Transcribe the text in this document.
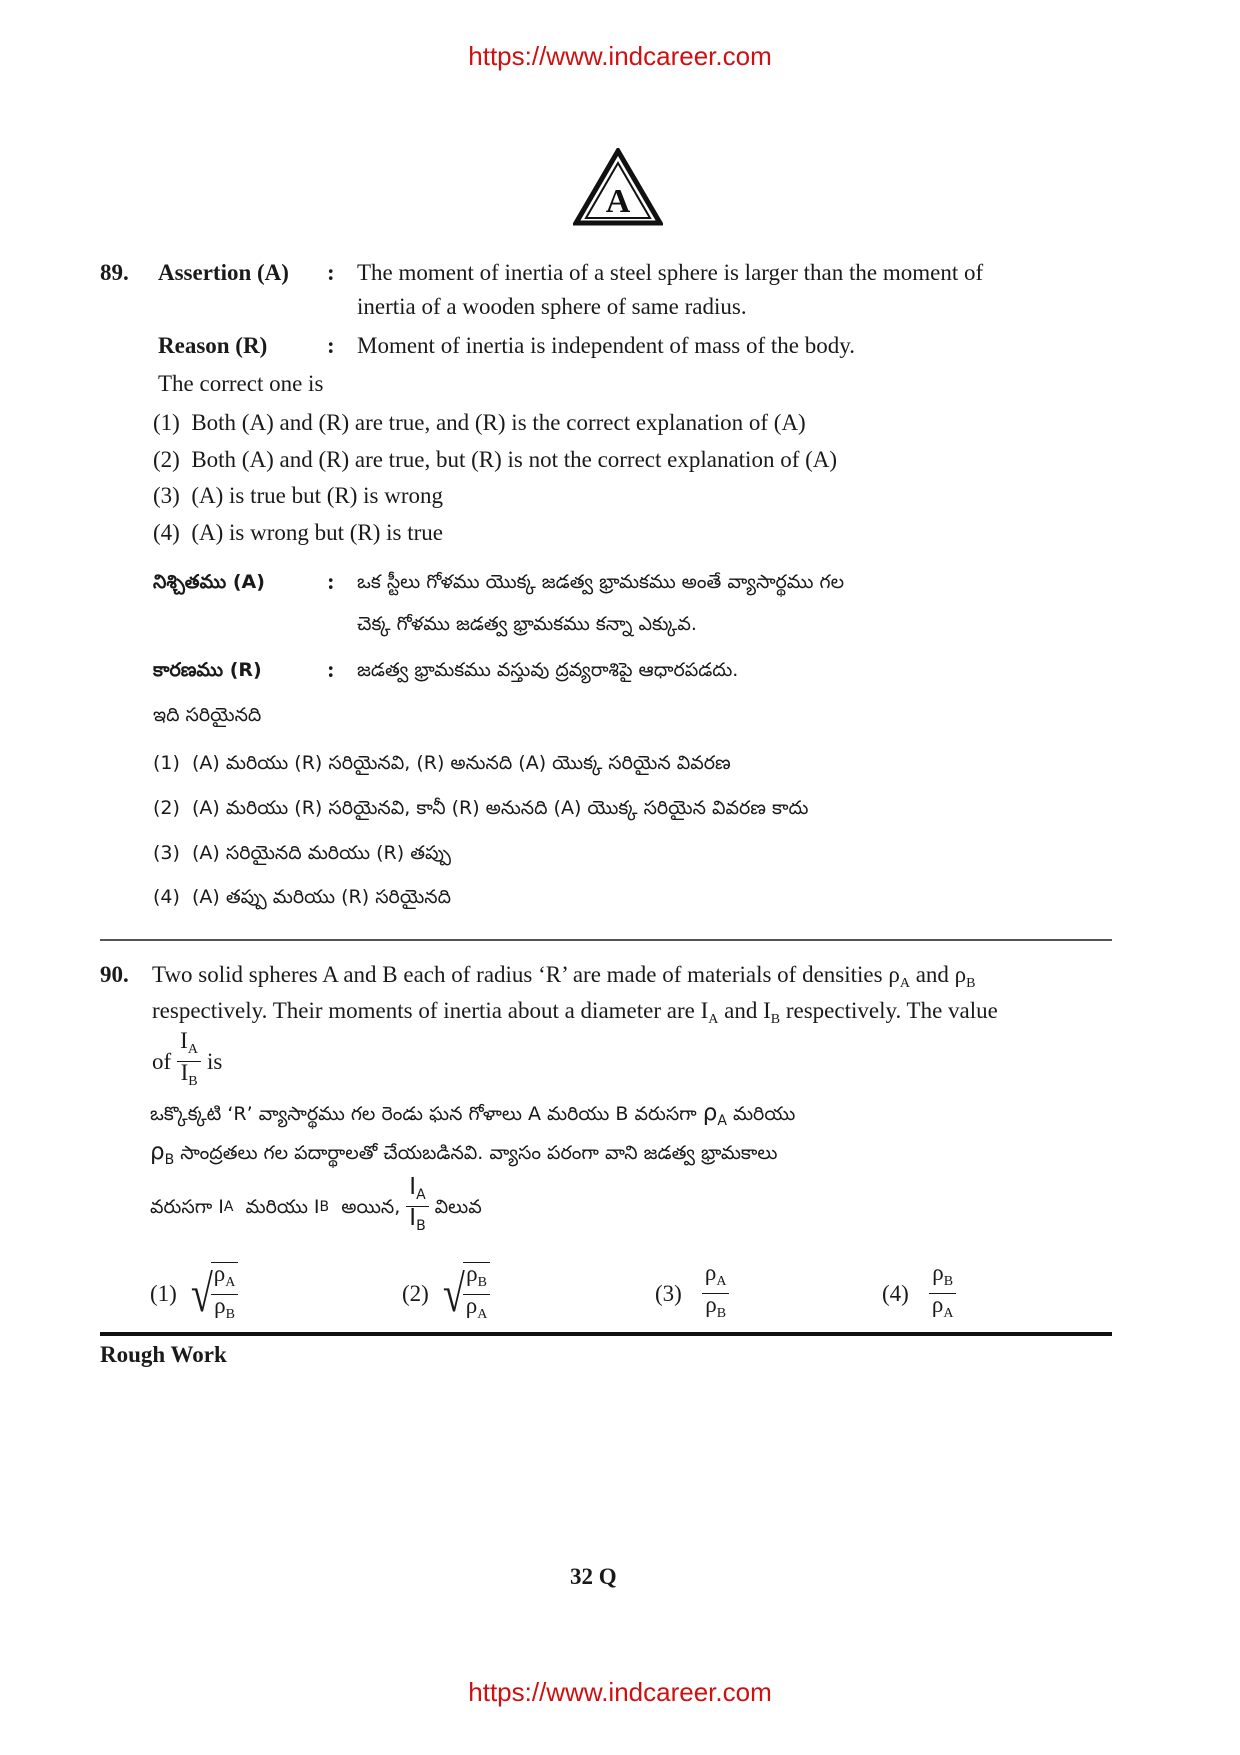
https://www.indcareer.com
A
89. Assertion (A) : The moment of inertia of a steel sphere is larger than the moment of
inertia of a wooden sphere of same radius.
Reason (R)	: Moment of inertia is independent of mass of the body.
The correct one is
(1) Both (A) and (R) are true, and (R) is the correct explanation of (A)
(2) Both (A) and (R) are true, but (R) is not the correct explanation of (A)
(3) (A) is true but (R) is wrong
(4) (A) is wrong but (R) is true
నిశ్చితము (A)	: ఒక స్టీలు గోళము యొక్క జడత్వ భ్రామకము అంతే వ్యాసార్థము గల
చెక్క గోళము జడత్వ భ్రామకము కన్నా ఎక్కువ.
కారణము (R)	: జడత్వ భ్రామకము వస్తువు ద్రవ్యరాశిపై ఆధారపడదు.
ఇది సరియైనది
(1) (A) మరియు (R) సరియైనవి, (R) అనునది (A) యొక్క సరియైన వివరణ
(2) (A) మరియు (R) సరియైనవి, కానీ (R) అనునది (A) యొక్క సరియైన వివరణ కాదు
(3) (A) సరియైనది మరియు (R) తప్పు
(4) (A) తప్పు మరియు (R) సరియైనది
90. Two solid spheres A and B each of radius ‘R’ are made of materials of densities $\rho_A$ and $\rho_B$
respectively. Their moments of inertia about a diameter are $I_A$ and $I_B$ respectively. The value
of $\frac{I_A}{I_B}$ is
ఒక్కొక్కటి ‘R’ వ్యాసార్థము గల రెండు ఘన గోళాలు A మరియు B వరుసగా $\rho_A$ మరియు
$\rho_B$ సాంద్రతలు గల పదార్థాలతో చేయబడినవి. వ్యాసం పరంగా వాని జడత్వ భ్రామకాలు
వరుసగా I A
మరియు I B
అయిన, $\frac{I_A}{I_B}$ విలువ
(1) √
$\frac{\rho_A}{\rho_B}$	(2) √
$\frac{\rho_B}{\rho_A}$	$(3) \frac{\rho_A}{\rho_B}$	$(4) \frac{\rho_B}{\rho_A}$
Rough Work
32 Q
https://www.indcareer.com
